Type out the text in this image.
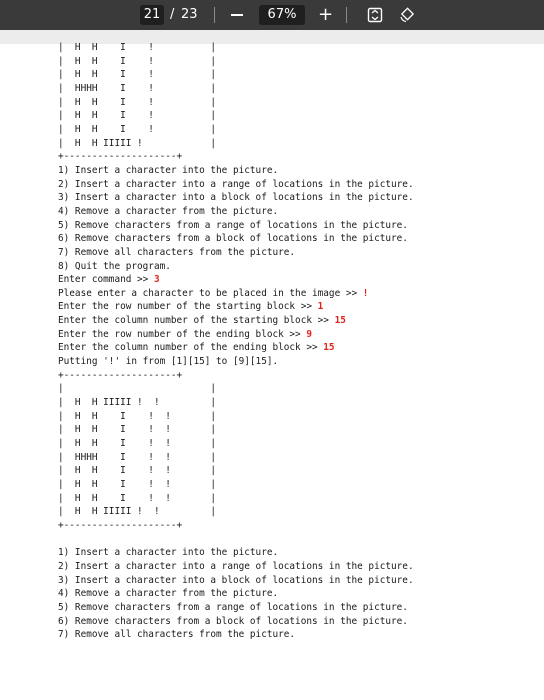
21 / 23	67%	+
|  H  H    I    !          |
|  H  H    I    !          |
|  H  H    I    !          |
|  HHHH    I    !          |
|  H  H    I    !          |
|  H  H    I    !          |
|  H  H    I    !          |
|  H  H IIIII !            |
+--------------------+
1) Insert a character into the picture.
2) Insert a character into a range of locations in the picture.
3) Insert a character into a block of locations in the picture.
4) Remove a character from the picture.
5) Remove characters from a range of locations in the picture.
6) Remove characters from a block of locations in the picture.
7) Remove all characters from the picture.
8) Quit the program.
Enter command >> 3
Please enter a character to be placed in the image >> !
Enter the row number of the starting block >> 1
Enter the column number of the starting block >> 15
Enter the row number of the ending block >> 9
Enter the column number of the ending block >> 15
Putting '!' in from [1][15] to [9][15].
+--------------------+
|                          |
|  H  H IIIII !  !         |
|  H  H    I    !  !       |
|  H  H    I    !  !       |
|  H  H    I    !  !       |
|  HHHH    I    !  !       |
|  H  H    I    !  !       |
|  H  H    I    !  !       |
|  H  H    I    !  !       |
|  H  H IIIII !  !         |
+--------------------+

1) Insert a character into the picture.
2) Insert a character into a range of locations in the picture.
3) Insert a character into a block of locations in the picture.
4) Remove a character from the picture.
5) Remove characters from a range of locations in the picture.
6) Remove characters from a block of locations in the picture.
7) Remove all characters from the picture.
